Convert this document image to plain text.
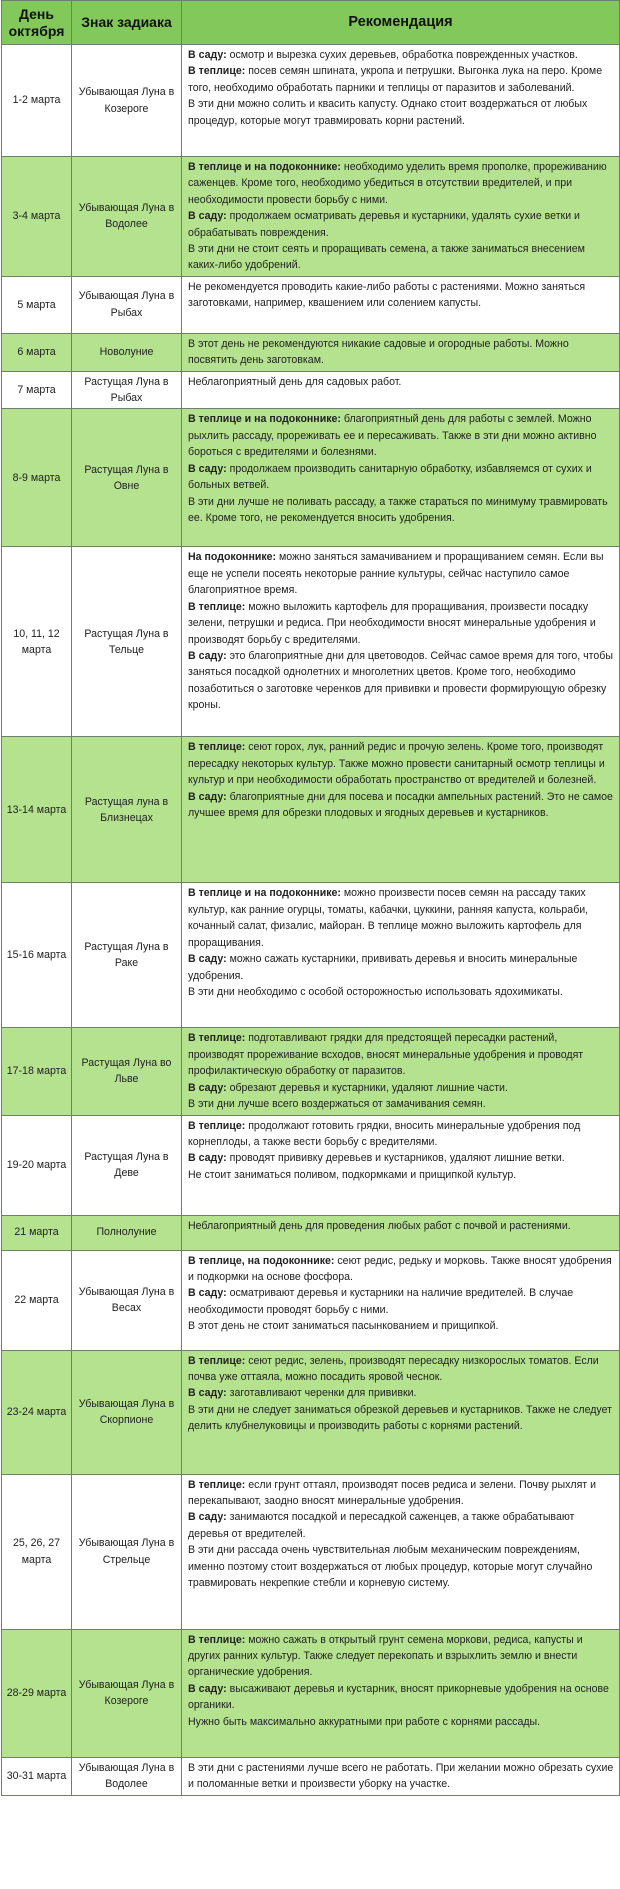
День октября	Знак задиака	Рекомендация
1-2 марта	Убывающая Луна в Козероге	В саду: осмотр и вырезка сухих деревьев, обработка поврежденных участков.

В теплице: посев семян шпината, укропа и петрушки. Выгонка лука на перо. Кроме того, необходимо обработать парники и теплицы от паразитов и заболеваний.

В эти дни можно солить и квасить капусту. Однако стоит воздержаться от любых процедур, которые могут травмировать корни растений.

3-4 марта	Убывающая Луна в Водолее	В теплице и на подоконнике: необходимо уделить время прополке, прореживанию саженцев. Кроме того, необходимо убедиться в отсутствии вредителей, и при необходимости провести борьбу с ними.

В саду: продолжаем осматривать деревья и кустарники, удалять сухие ветки и обрабатывать повреждения.

В эти дни не стоит сеять и проращивать семена, а также заниматься внесением каких-либо удобрений.

5 марта	Убывающая Луна в Рыбах	Не рекомендуется проводить какие-либо работы с растениями. Можно заняться заготовками, например, квашением или солением капусты.

6 марта	Новолуние	В этот день не рекомендуются никакие садовые и огородные работы. Можно посвятить день заготовкам.

7 марта	Растущая Луна в Рыбах	Неблагоприятный день для садовых работ.

8-9 марта	Растущая Луна в Овне	В теплице и на подоконнике: благоприятный день для работы с землей. Можно рыхлить рассаду, прореживать ее и пересаживать. Также в эти дни можно активно бороться с вредителями и болезнями.

В саду: продолжаем производить санитарную обработку, избавляемся от сухих и больных ветвей.

В эти дни лучше не поливать рассаду, а также стараться по минимуму травмировать ее. Кроме того, не рекомендуется вносить удобрения.

10, 11, 12 марта	Растущая Луна в Тельце	На подоконнике: можно заняться замачиванием и проращиванием семян. Если вы еще не успели посеять некоторые ранние культуры, сейчас наступило самое благоприятное время.

В теплице: можно выложить картофель для проращивания, произвести посадку зелени, петрушки и редиса. При необходимости вносят минеральные удобрения и производят борьбу с вредителями.

В саду: это благоприятные дни для цветоводов. Сейчас самое время для того, чтобы заняться посадкой однолетних и многолетних цветов. Кроме того, необходимо позаботиться о заготовке черенков для прививки и провести формирующую обрезку кроны.

13-14 марта	Растущая луна в Близнецах	В теплице: сеют горох, лук, ранний редис и прочую зелень. Кроме того, производят пересадку некоторых культур. Также можно провести санитарный осмотр теплицы и культур и при необходимости обработать пространство от вредителей и болезней.

В саду: благоприятные дни для посева и посадки ампельных растений. Это не самое лучшее время для обрезки плодовых и ягодных деревьев и кустарников.

15-16 марта	Растущая Луна в Раке	В теплице и на подоконнике: можно произвести посев семян на рассаду таких культур, как ранние огурцы, томаты, кабачки, цуккини, ранняя капуста, кольраби, кочанный салат, физалис, майоран. В теплице можно выложить картофель для проращивания.

В саду: можно сажать кустарники, прививать деревья и вносить минеральные удобрения.

В эти дни необходимо с особой осторожностью использовать ядохимикаты.

17-18 марта	Растущая Луна во Льве	В теплице: подготавливают грядки для предстоящей пересадки растений, производят прореживание всходов, вносят минеральные удобрения и проводят профилактическую обработку от паразитов.

В саду: обрезают деревья и кустарники, удаляют лишние части.

В эти дни лучше всего воздержаться от замачивания семян.

19-20 марта	Растущая Луна в Деве	В теплице: продолжают готовить грядки, вносить минеральные удобрения под корнеплоды, а также вести борьбу с вредителями.

В саду: проводят прививку деревьев и кустарников, удаляют лишние ветки.

Не стоит заниматься поливом, подкормками и прищипкой культур.

21 марта	Полнолуние	Неблагоприятный день для проведения любых работ с почвой и растениями.

22 марта	Убывающая Луна в Весах	В теплице, на подоконнике: сеют редис, редьку и морковь. Также вносят удобрения и подкормки на основе фосфора.

В саду: осматривают деревья и кустарники на наличие вредителей. В случае необходимости проводят борьбу с ними.

В этот день не стоит заниматься пасынкованием и прищипкой.

23-24 марта	Убывающая Луна в Скорпионе	В теплице: сеют редис, зелень, производят пересадку низкорослых томатов. Если почва уже оттаяла, можно посадить яровой чеснок.

В саду: заготавливают черенки для прививки.

В эти дни не следует заниматься обрезкой деревьев и кустарников. Также не следует делить клубнелуковицы и производить работы с корнями растений.

25, 26, 27 марта	Убывающая Луна в Стрельце	В теплице: если грунт оттаял, производят посев редиса и зелени. Почву рыхлят и перекапывают, заодно вносят минеральные удобрения.

В саду: занимаются посадкой и пересадкой саженцев, а также обрабатывают деревья от вредителей.

В эти дни рассада очень чувствительная любым механическим повреждениям, именно поэтому стоит воздержаться от любых процедур, которые могут случайно травмировать некрепкие стебли и корневую систему.

28-29 марта	Убывающая Луна в Козероге	В теплице: можно сажать в открытый грунт семена моркови, редиса, капусты и других ранних культур. Также следует перекопать и взрыхлить землю и внести органические удобрения.

В саду: высаживают деревья и кустарник, вносят прикорневые удобрения на основе органики.

Нужно быть максимально аккуратными при работе с корнями рассады.

30-31 марта	Убывающая Луна в Водолее	В эти дни с растениями лучше всего не работать. При желании можно обрезать сухие и поломанные ветки и произвести уборку на участке.
